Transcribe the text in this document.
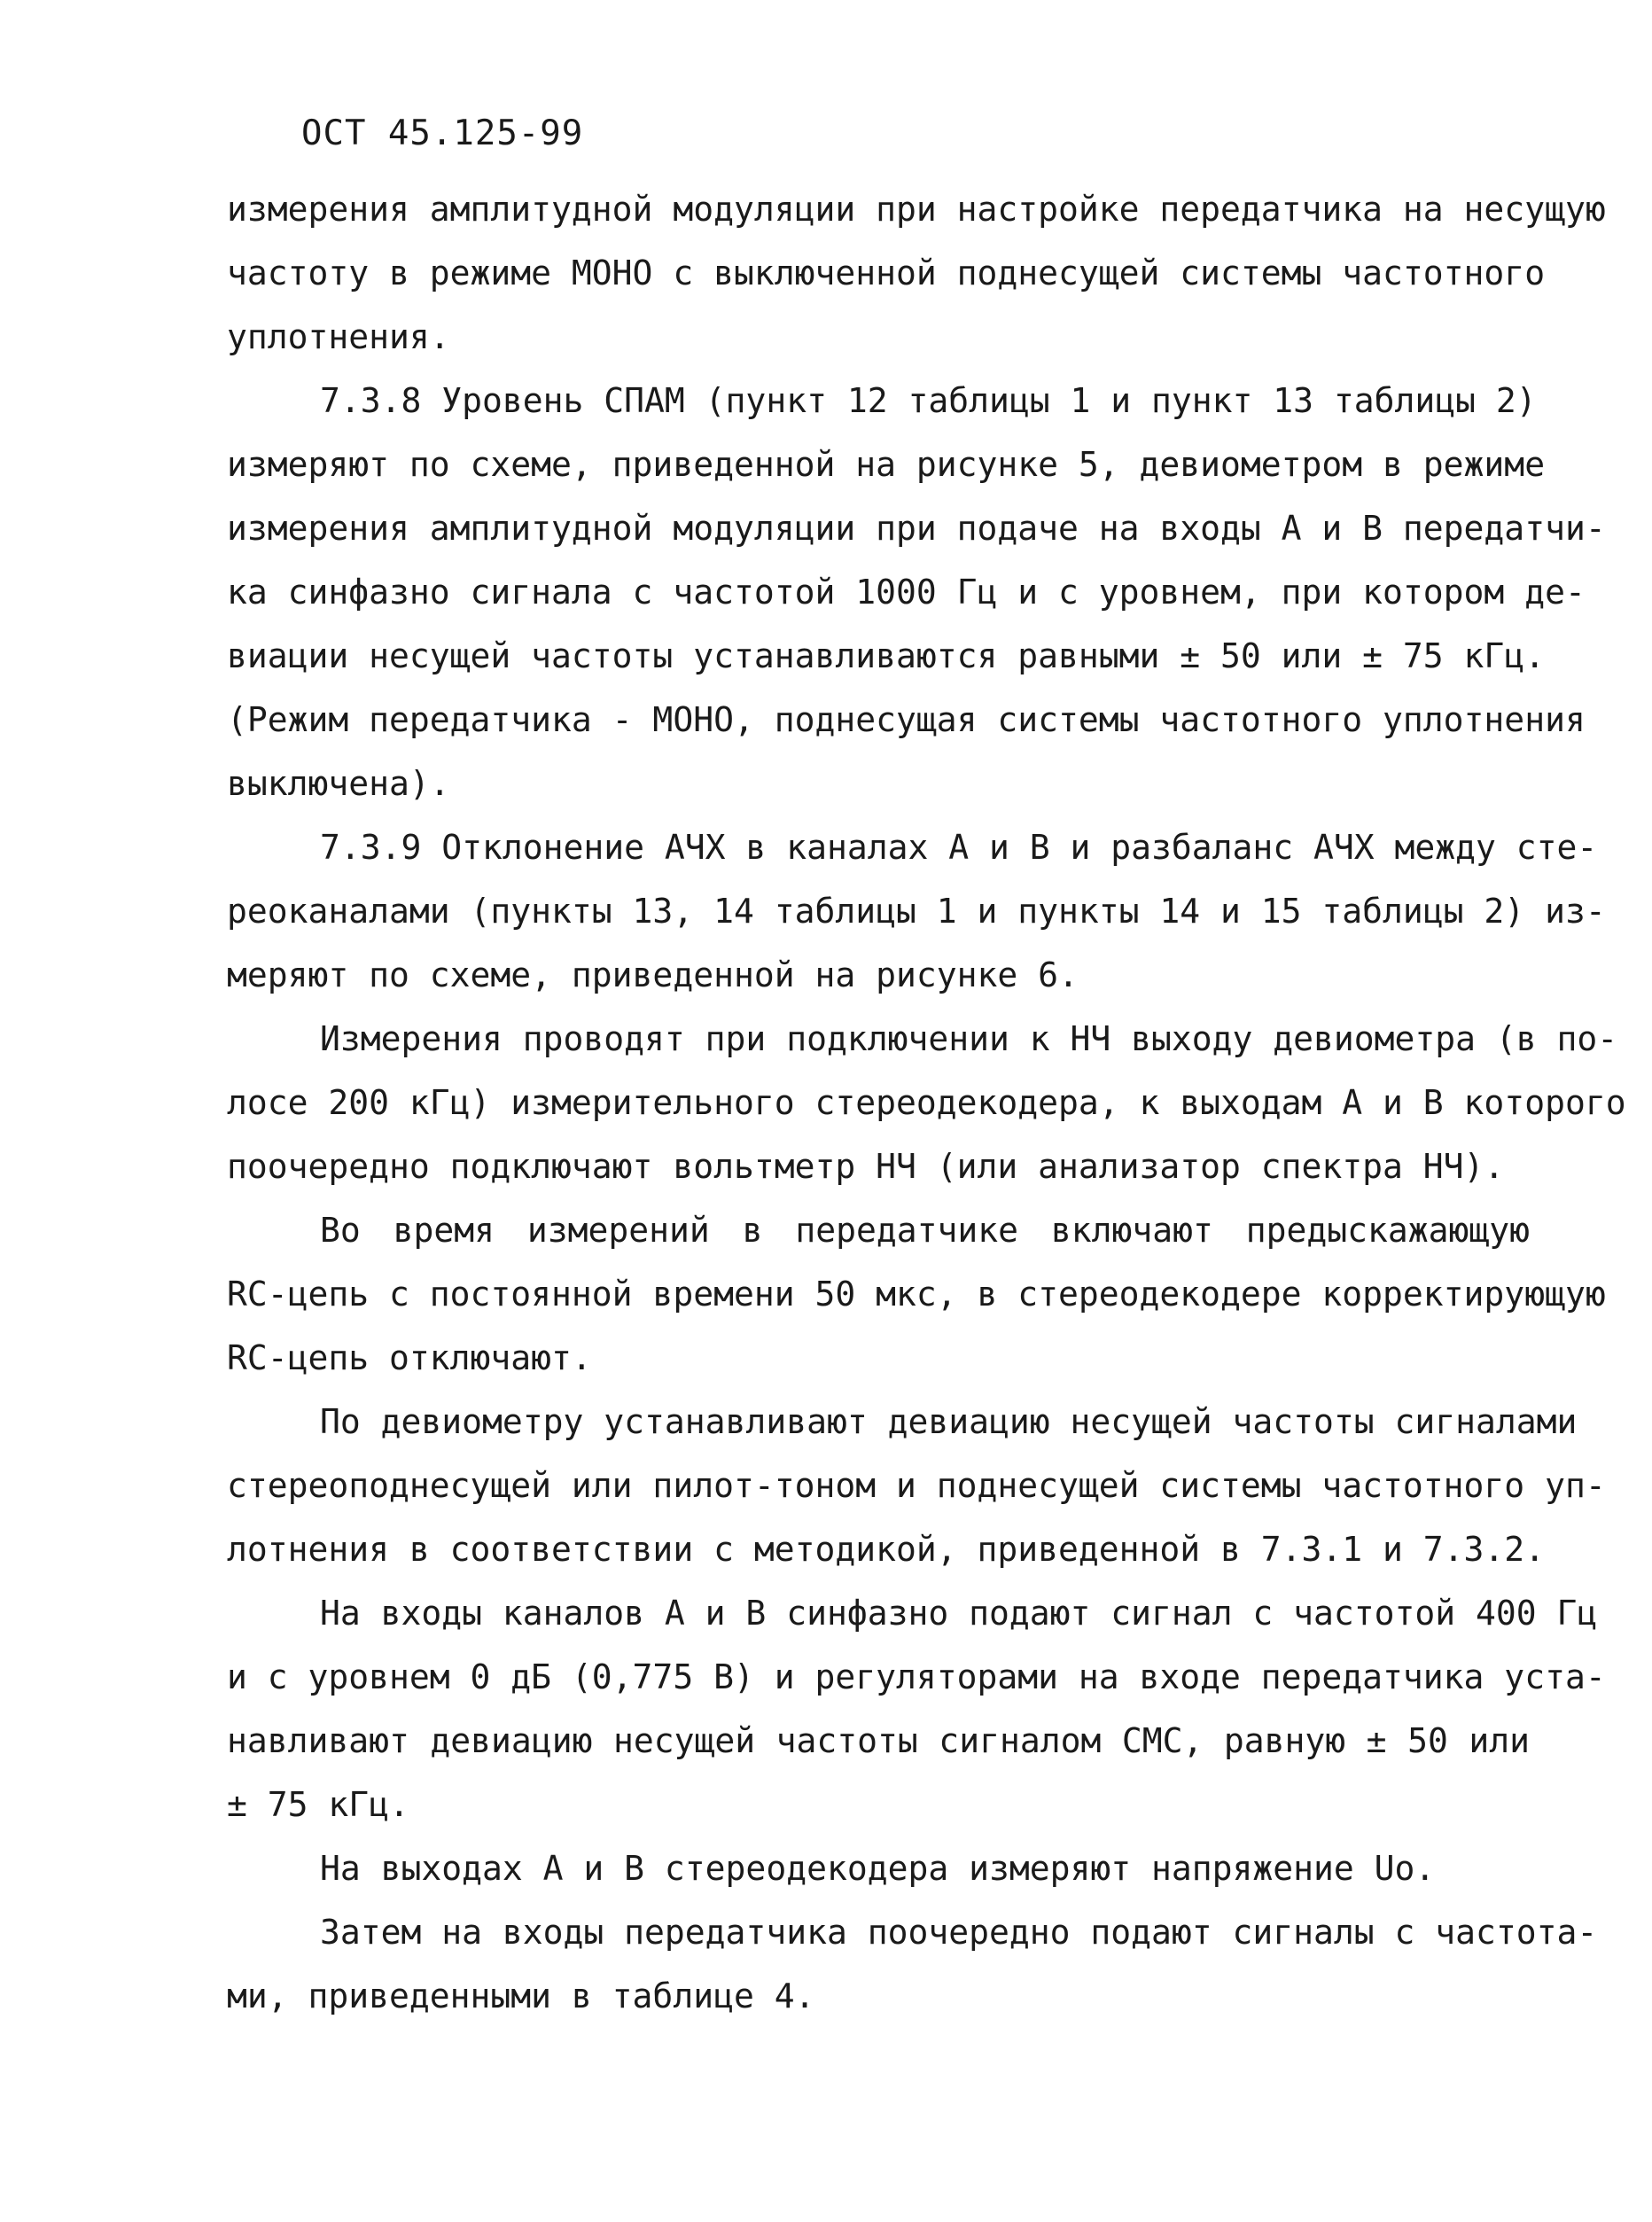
ОСТ 45.125-99
измерения амплитудной модуляции при настройке передатчика на несущую
частоту в режиме МОНО с выключенной поднесущей системы частотного
уплотнения.
7.3.8 Уровень СПАМ (пункт 12 таблицы 1 и пункт 13 таблицы 2)
измеряют по схеме, приведенной на рисунке 5, девиометром в режиме
измерения амплитудной модуляции при подаче на входы А и В передатчи-
ка синфазно сигнала с частотой 1000 Гц и с уровнем, при котором де-
виации несущей частоты устанавливаются равными ± 50 или ± 75 кГц.
(Режим передатчика - МОНО, поднесущая системы частотного уплотнения
выключена).
7.3.9 Отклонение АЧХ в каналах А и В и разбаланс АЧХ между сте-
реоканалами (пункты 13, 14 таблицы 1 и пункты 14 и 15 таблицы 2) из-
меряют по схеме, приведенной на рисунке 6.
Измерения проводят при подключении к НЧ выходу девиометра (в по-
лосе 200 кГц) измерительного стереодекодера, к выходам А и В которого
поочередно подключают вольтметр НЧ (или анализатор спектра НЧ).
Во время измерений в передатчике включают предыскажающую
RC-цепь с постоянной времени 50 мкс, в стереодекодере корректирующую
RC-цепь отключают.
По девиометру устанавливают девиацию несущей частоты сигналами
стереоподнесущей или пилот-тоном и поднесущей системы частотного уп-
лотнения в соответствии с методикой, приведенной в 7.3.1 и 7.3.2.
На входы каналов А и В синфазно подают сигнал с частотой 400 Гц
и с уровнем 0 дБ (0,775 В) и регуляторами на входе передатчика уста-
навливают девиацию несущей частоты сигналом СМС, равную ± 50 или
± 75 кГц.
На выходах А и В стереодекодера измеряют напряжение Uo.
Затем на входы передатчика поочередно подают сигналы с частота-
ми, приведенными в таблице 4.
